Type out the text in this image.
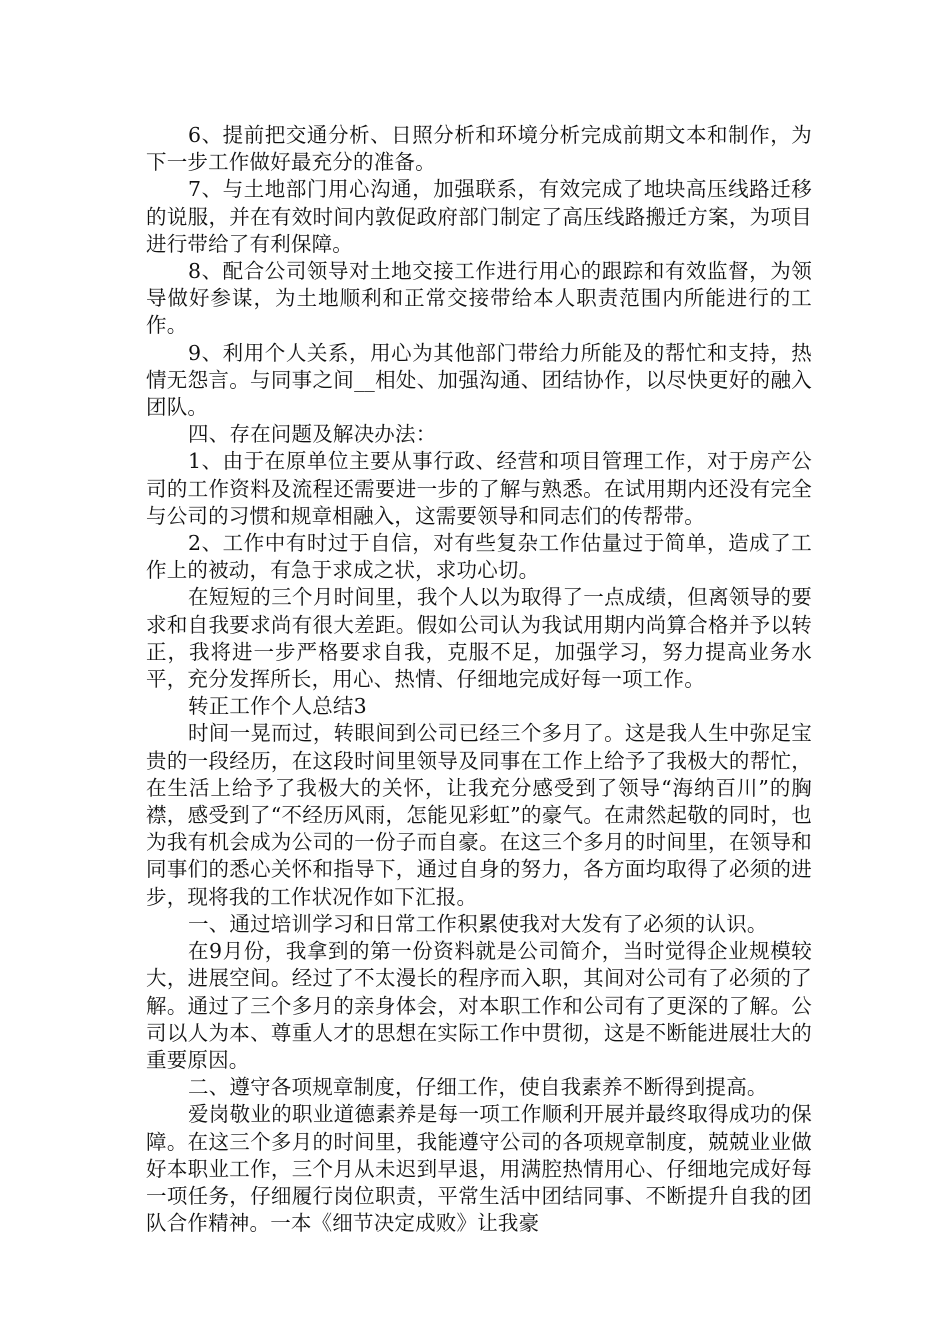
6、提前把交通分析、日照分析和环境分析完成前期文本和制作，为下一步工作做好最充分的准备。

7、与土地部门用心沟通，加强联系，有效完成了地块高压线路迁移的说服，并在有效时间内敦促政府部门制定了高压线路搬迁方案，为项目进行带给了有利保障。

8、配合公司领导对土地交接工作进行用心的跟踪和有效监督，为领导做好参谋，为土地顺利和正常交接带给本人职责范围内所能进行的工作。

9、利用个人关系，用心为其他部门带给力所能及的帮忙和支持，热情无怨言。与同事之间__相处、加强沟通、团结协作，以尽快更好的融入团队。

四、存在问题及解决办法：

1、由于在原单位主要从事行政、经营和项目管理工作，对于房产公司的工作资料及流程还需要进一步的了解与熟悉。在试用期内还没有完全与公司的习惯和规章相融入，这需要领导和同志们的传帮带。

2、工作中有时过于自信，对有些复杂工作估量过于简单，造成了工作上的被动，有急于求成之状，求功心切。

在短短的三个月时间里，我个人以为取得了一点成绩，但离领导的要求和自我要求尚有很大差距。假如公司认为我试用期内尚算合格并予以转正，我将进一步严格要求自我，克服不足，加强学习，努力提高业务水平，充分发挥所长，用心、热情、仔细地完成好每一项工作。

转正工作个人总结3

时间一晃而过，转眼间到公司已经三个多月了。这是我人生中弥足宝贵的一段经历，在这段时间里领导及同事在工作上给予了我极大的帮忙，在生活上给予了我极大的关怀，让我充分感受到了领导“海纳百川”的胸襟，感受到了“不经历风雨，怎能见彩虹”的豪气。在肃然起敬的同时，也为我有机会成为公司的一份子而自豪。在这三个多月的时间里，在领导和同事们的悉心关怀和指导下，通过自身的努力，各方面均取得了必须的进步，现将我的工作状况作如下汇报。

一、通过培训学习和日常工作积累使我对大发有了必须的认识。

在9月份，我拿到的第一份资料就是公司简介，当时觉得企业规模较大，进展空间。经过了不太漫长的程序而入职，其间对公司有了必须的了解。通过了三个多月的亲身体会，对本职工作和公司有了更深的了解。公司以人为本、尊重人才的思想在实际工作中贯彻，这是不断能进展壮大的重要原因。

二、遵守各项规章制度，仔细工作，使自我素养不断得到提高。

爱岗敬业的职业道德素养是每一项工作顺利开展并最终取得成功的保障。在这三个多月的时间里，我能遵守公司的各项规章制度，兢兢业业做好本职业工作，三个月从未迟到早退，用满腔热情用心、仔细地完成好每一项任务，仔细履行岗位职责，平常生活中团结同事、不断提升自我的团队合作精神。一本《细节决定成败》让我豪
